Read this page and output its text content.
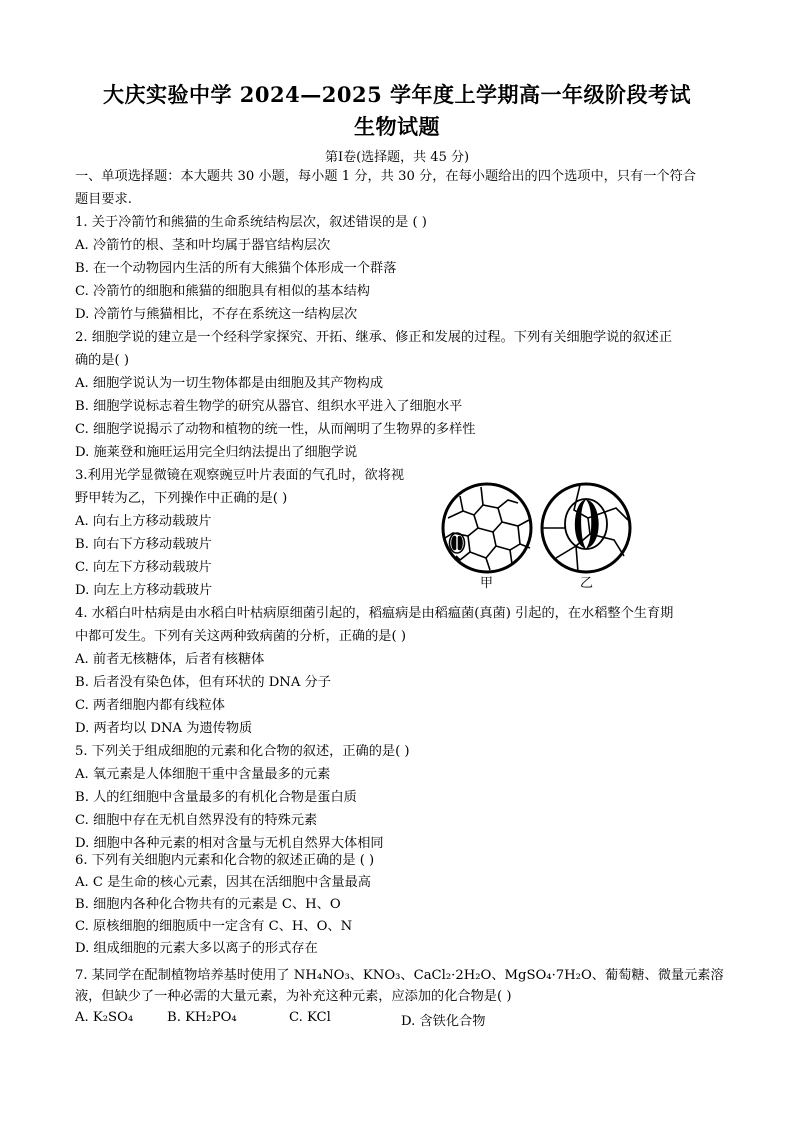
大庆实验中学 2024—2025 学年度上学期高一年级阶段考试
生物试题
第Ⅰ卷(选择题，共 45 分)
一、单项选择题：本大题共 30 小题，每小题 1 分，共 30 分，在每小题给出的四个选项中，只有一个符合
题目要求.
1. 关于冷箭竹和熊猫的生命系统结构层次，叙述错误的是 ( )
A. 冷箭竹的根、茎和叶均属于器官结构层次
B. 在一个动物园内生活的所有大熊猫个体形成一个群落
C. 冷箭竹的细胞和熊猫的细胞具有相似的基本结构
D. 冷箭竹与熊猫相比，不存在系统这一结构层次
2. 细胞学说的建立是一个经科学家探究、开拓、继承、修正和发展的过程。下列有关细胞学说的叙述正
确的是( )
A. 细胞学说认为一切生物体都是由细胞及其产物构成
B. 细胞学说标志着生物学的研究从器官、组织水平进入了细胞水平
C. 细胞学说揭示了动物和植物的统一性，从而阐明了生物界的多样性
D. 施莱登和施旺运用完全归纳法提出了细胞学说
3.利用光学显微镜在观察豌豆叶片表面的气孔时，欲将视
野甲转为乙，下列操作中正确的是( )
A. 向右上方移动载玻片
B. 向右下方移动载玻片
C. 向左下方移动载玻片
D. 向左上方移动载玻片
甲	乙
4. 水稻白叶枯病是由水稻白叶枯病原细菌引起的，稻瘟病是由稻瘟菌(真菌) 引起的，在水稻整个生育期
中都可发生。下列有关这两种致病菌的分析，正确的是( )
A. 前者无核糖体，后者有核糖体
B. 后者没有染色体，但有环状的 DNA 分子
C. 两者细胞内都有线粒体
D. 两者均以 DNA 为遗传物质
5. 下列关于组成细胞的元素和化合物的叙述，正确的是( )
A. 氧元素是人体细胞干重中含量最多的元素
B. 人的红细胞中含量最多的有机化合物是蛋白质
C. 细胞中存在无机自然界没有的特殊元素
D. 细胞中各种元素的相对含量与无机自然界大体相同
6. 下列有关细胞内元素和化合物的叙述正确的是 ( )
A. C 是生命的核心元素，因其在活细胞中含量最高
B. 细胞内各种化合物共有的元素是 C、H、O
C. 原核细胞的细胞质中一定含有 C、H、O、N
D. 组成细胞的元素大多以离子的形式存在
7. 某同学在配制植物培养基时使用了 NH₄NO₃、KNO₃、CaCl₂·2H₂O、MgSO₄·7H₂O、葡萄糖、微量元素溶
液，但缺少了一种必需的大量元素，为补充这种元素，应添加的化合物是( )
A. K₂SO₄	B. KH₂PO₄	C. KCl	D. 含铁化合物
